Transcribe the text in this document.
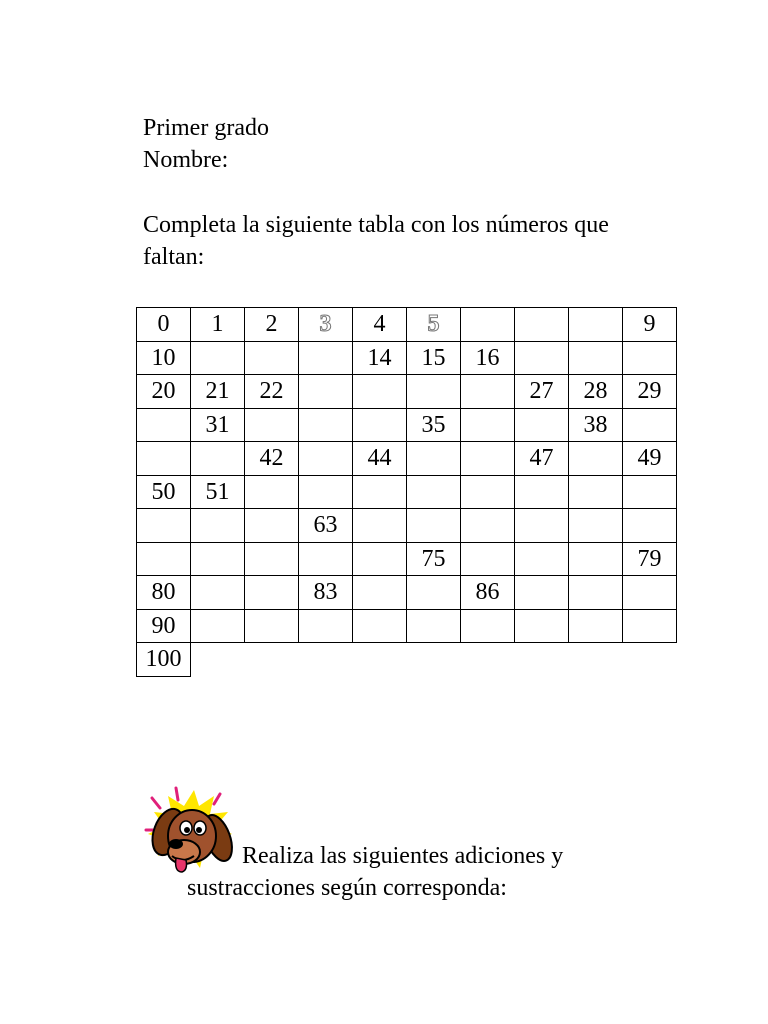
Primer grado
Nombre:
Completa la siguiente tabla con los números que
faltan:
0	1	2	3	4	5				9
10				14	15	16			
20	21	22					27	28	29
	31				35			38	
		42		44			47		49
50	51								
			63						
					75				79
80			83			86			
90									
100									
Realiza las siguientes adiciones y
sustracciones según corresponda:
